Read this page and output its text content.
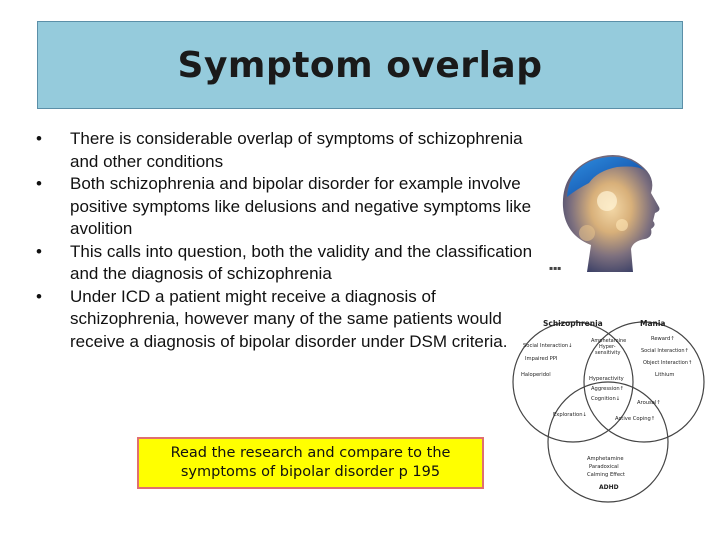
Symptom overlap
•	There is considerable overlap of symptoms of schizophrenia and other conditions
•	Both schizophrenia and bipolar disorder for example involve positive symptoms like delusions and negative symptoms like avolition
•	This calls into question, both the validity and the classification and the diagnosis of schizophrenia
•	Under ICD a patient might receive a diagnosis of schizophrenia, however many of the same patients would receive a diagnosis of bipolar disorder under DSM criteria.
Read the research and compare to the
symptoms of bipolar disorder p 195
▪▪▪
Schizophrenia	Mania
ADHD
Social Interaction↓
Impaired PPI
Haloperidol
Exploration↓
Amphetamine
Hyper-
sensitivity
Hyperactivity
Aggression↑
Cognition↓
Reward↑
Social Interaction↑
Object Interaction↑
Lithium
Arousal↑
Active Coping↑
Amphetamine
Paradoxical
Calming Effect
